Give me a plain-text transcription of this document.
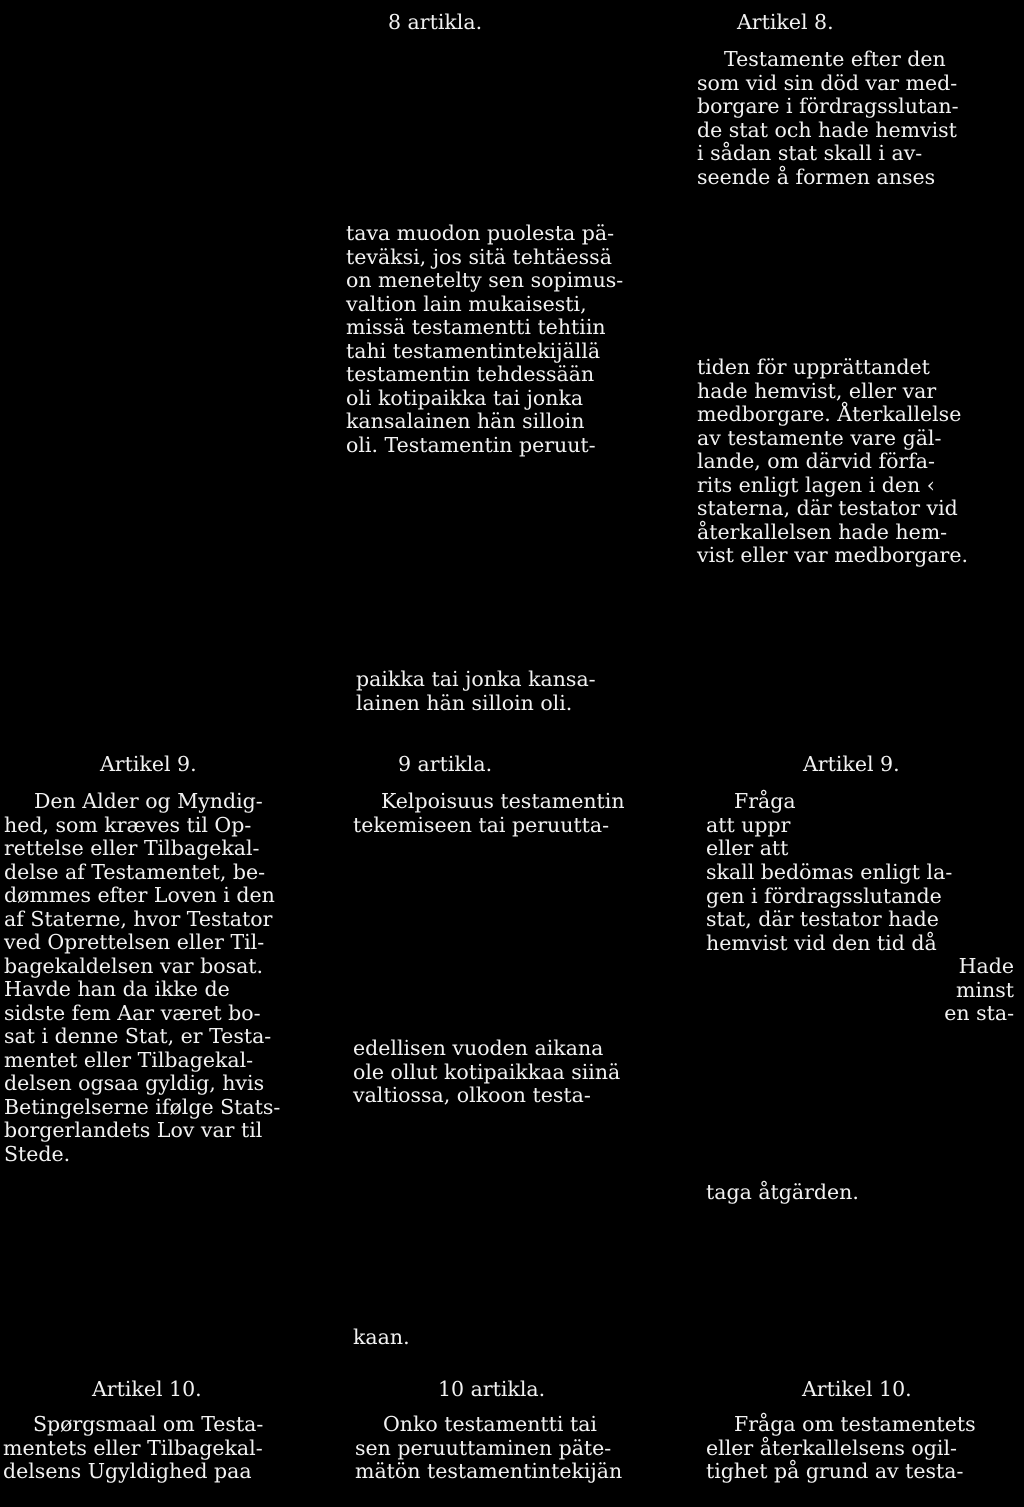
8 artikla.	Artikel 8.
Testamente efter den
som vid sin död var med-
borgare i fördragsslutan-
de stat och hade hemvist
i sådan stat skall i av-
seende å formen anses
tava muodon puolesta pä-
teväksi, jos sitä tehtäessä
on menetelty sen sopimus-
valtion lain mukaisesti,
missä testamentti tehtiin
tahi testamentintekijällä
testamentin tehdessään
oli kotipaikka tai jonka
kansalainen hän silloin
oli. Testamentin peruut-
tiden för upprättandet
hade hemvist, eller var
medborgare. Återkallelse
av testamente vare gäl-
lande, om därvid förfa-
rits enligt lagen i den ‹
staterna, där testator vid
återkallelsen hade hem-
vist eller var medborgare.
paikka tai jonka kansa-
lainen hän silloin oli.
Artikel 9.	9 artikla.	Artikel 9.
Den Alder og Myndig-
hed, som kræves til Op-
rettelse eller Tilbagekal-
delse af Testamentet, be-
dømmes efter Loven i den
af Staterne, hvor Testator
ved Oprettelsen eller Til-
bagekaldelsen var bosat.
Havde han da ikke de
sidste fem Aar været bo-
sat i denne Stat, er Testa-
mentet eller Tilbagekal-
delsen ogsaa gyldig, hvis
Betingelserne ifølge Stats-
borgerlandets Lov var til
Stede.
Kelpoisuus testamentin
tekemiseen tai peruutta-
edellisen vuoden aikana
ole ollut kotipaikkaa siinä
valtiossa, olkoon testa-
kaan.
Fråga
att uppr
eller att
skall bedömas enligt la-
gen i fördragsslutande
stat, där testator hade
hemvist vid den tid då
Hade
minst
en sta-
taga åtgärden.
Artikel 10.	10 artikla.	Artikel 10.
Spørgsmaal om Testa-
mentets eller Tilbagekal-
delsens Ugyldighed paa
Onko testamentti tai
sen peruuttaminen päte-
mätön testamentintekijän
Fråga om testamentets
eller återkallelsens ogil-
tighet på grund av testa-
